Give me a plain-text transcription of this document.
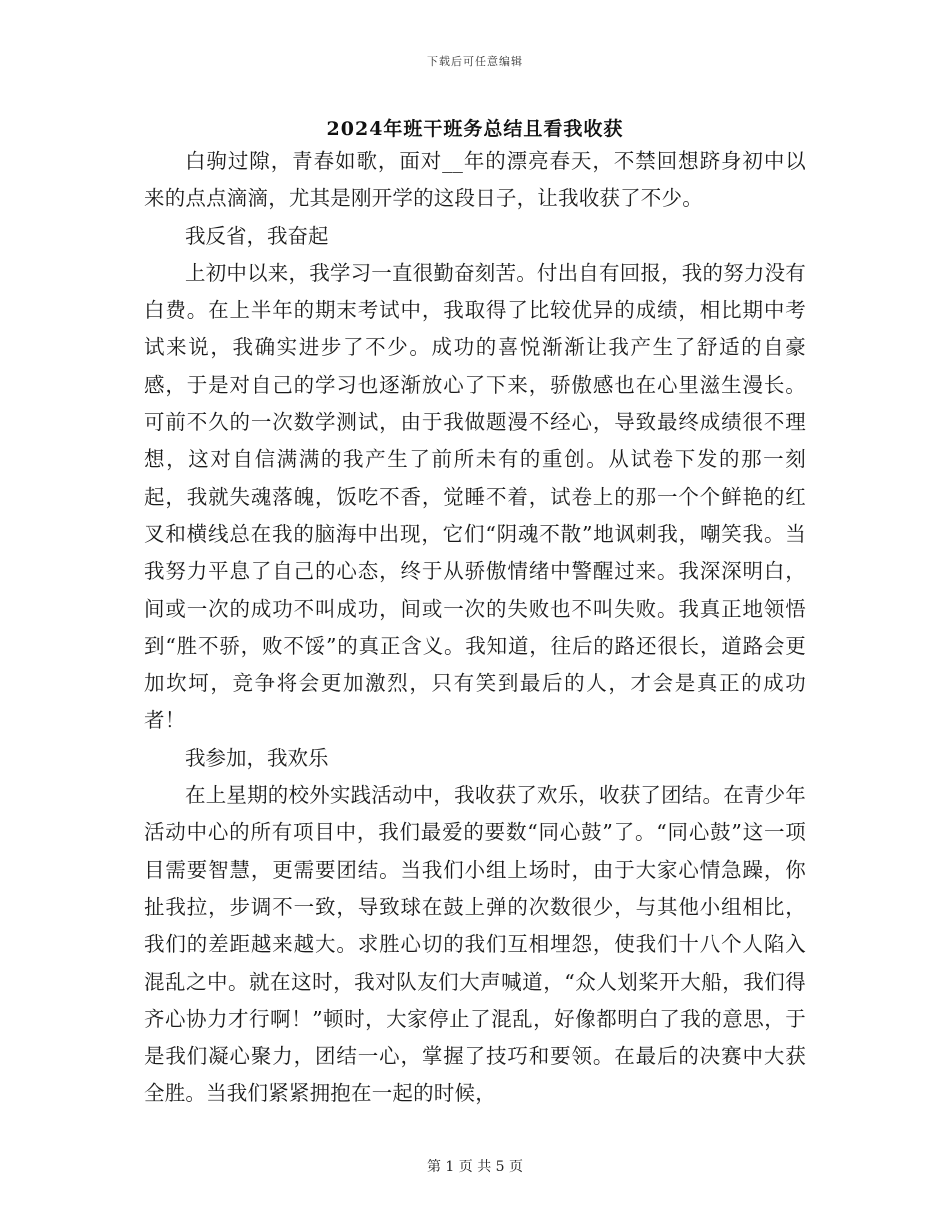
下载后可任意编辑
2024年班干班务总结且看我收获

白驹过隙，青春如歌，面对__年的漂亮春天，不禁回想跻身初中以来的点点滴滴，尤其是刚开学的这段日子，让我收获了不少。

我反省，我奋起

上初中以来，我学习一直很勤奋刻苦。付出自有回报，我的努力没有白费。在上半年的期末考试中，我取得了比较优异的成绩，相比期中考试来说，我确实进步了不少。成功的喜悦渐渐让我产生了舒适的自豪感，于是对自己的学习也逐渐放心了下来，骄傲感也在心里滋生漫长。可前不久的一次数学测试，由于我做题漫不经心，导致最终成绩很不理想，这对自信满满的我产生了前所未有的重创。从试卷下发的那一刻起，我就失魂落魄，饭吃不香，觉睡不着，试卷上的那一个个鲜艳的红叉和横线总在我的脑海中出现，它们“阴魂不散”地讽刺我，嘲笑我。当我努力平息了自己的心态，终于从骄傲情绪中警醒过来。我深深明白，间或一次的成功不叫成功，间或一次的失败也不叫失败。我真正地领悟到“胜不骄，败不馁”的真正含义。我知道，往后的路还很长，道路会更加坎坷，竞争将会更加激烈，只有笑到最后的人，才会是真正的成功者！

我参加，我欢乐

在上星期的校外实践活动中，我收获了欢乐，收获了团结。在青少年活动中心的所有项目中，我们最爱的要数“同心鼓”了。“同心鼓”这一项目需要智慧，更需要团结。当我们小组上场时，由于大家心情急躁，你扯我拉，步调不一致，导致球在鼓上弹的次数很少，与其他小组相比，我们的差距越来越大。求胜心切的我们互相埋怨，使我们十八个人陷入混乱之中。就在这时，我对队友们大声喊道，“众人划桨开大船，我们得齐心协力才行啊！”顿时，大家停止了混乱，好像都明白了我的意思，于是我们凝心聚力，团结一心，掌握了技巧和要领。在最后的决赛中大获全胜。当我们紧紧拥抱在一起的时候，

第 1 页 共 5 页
